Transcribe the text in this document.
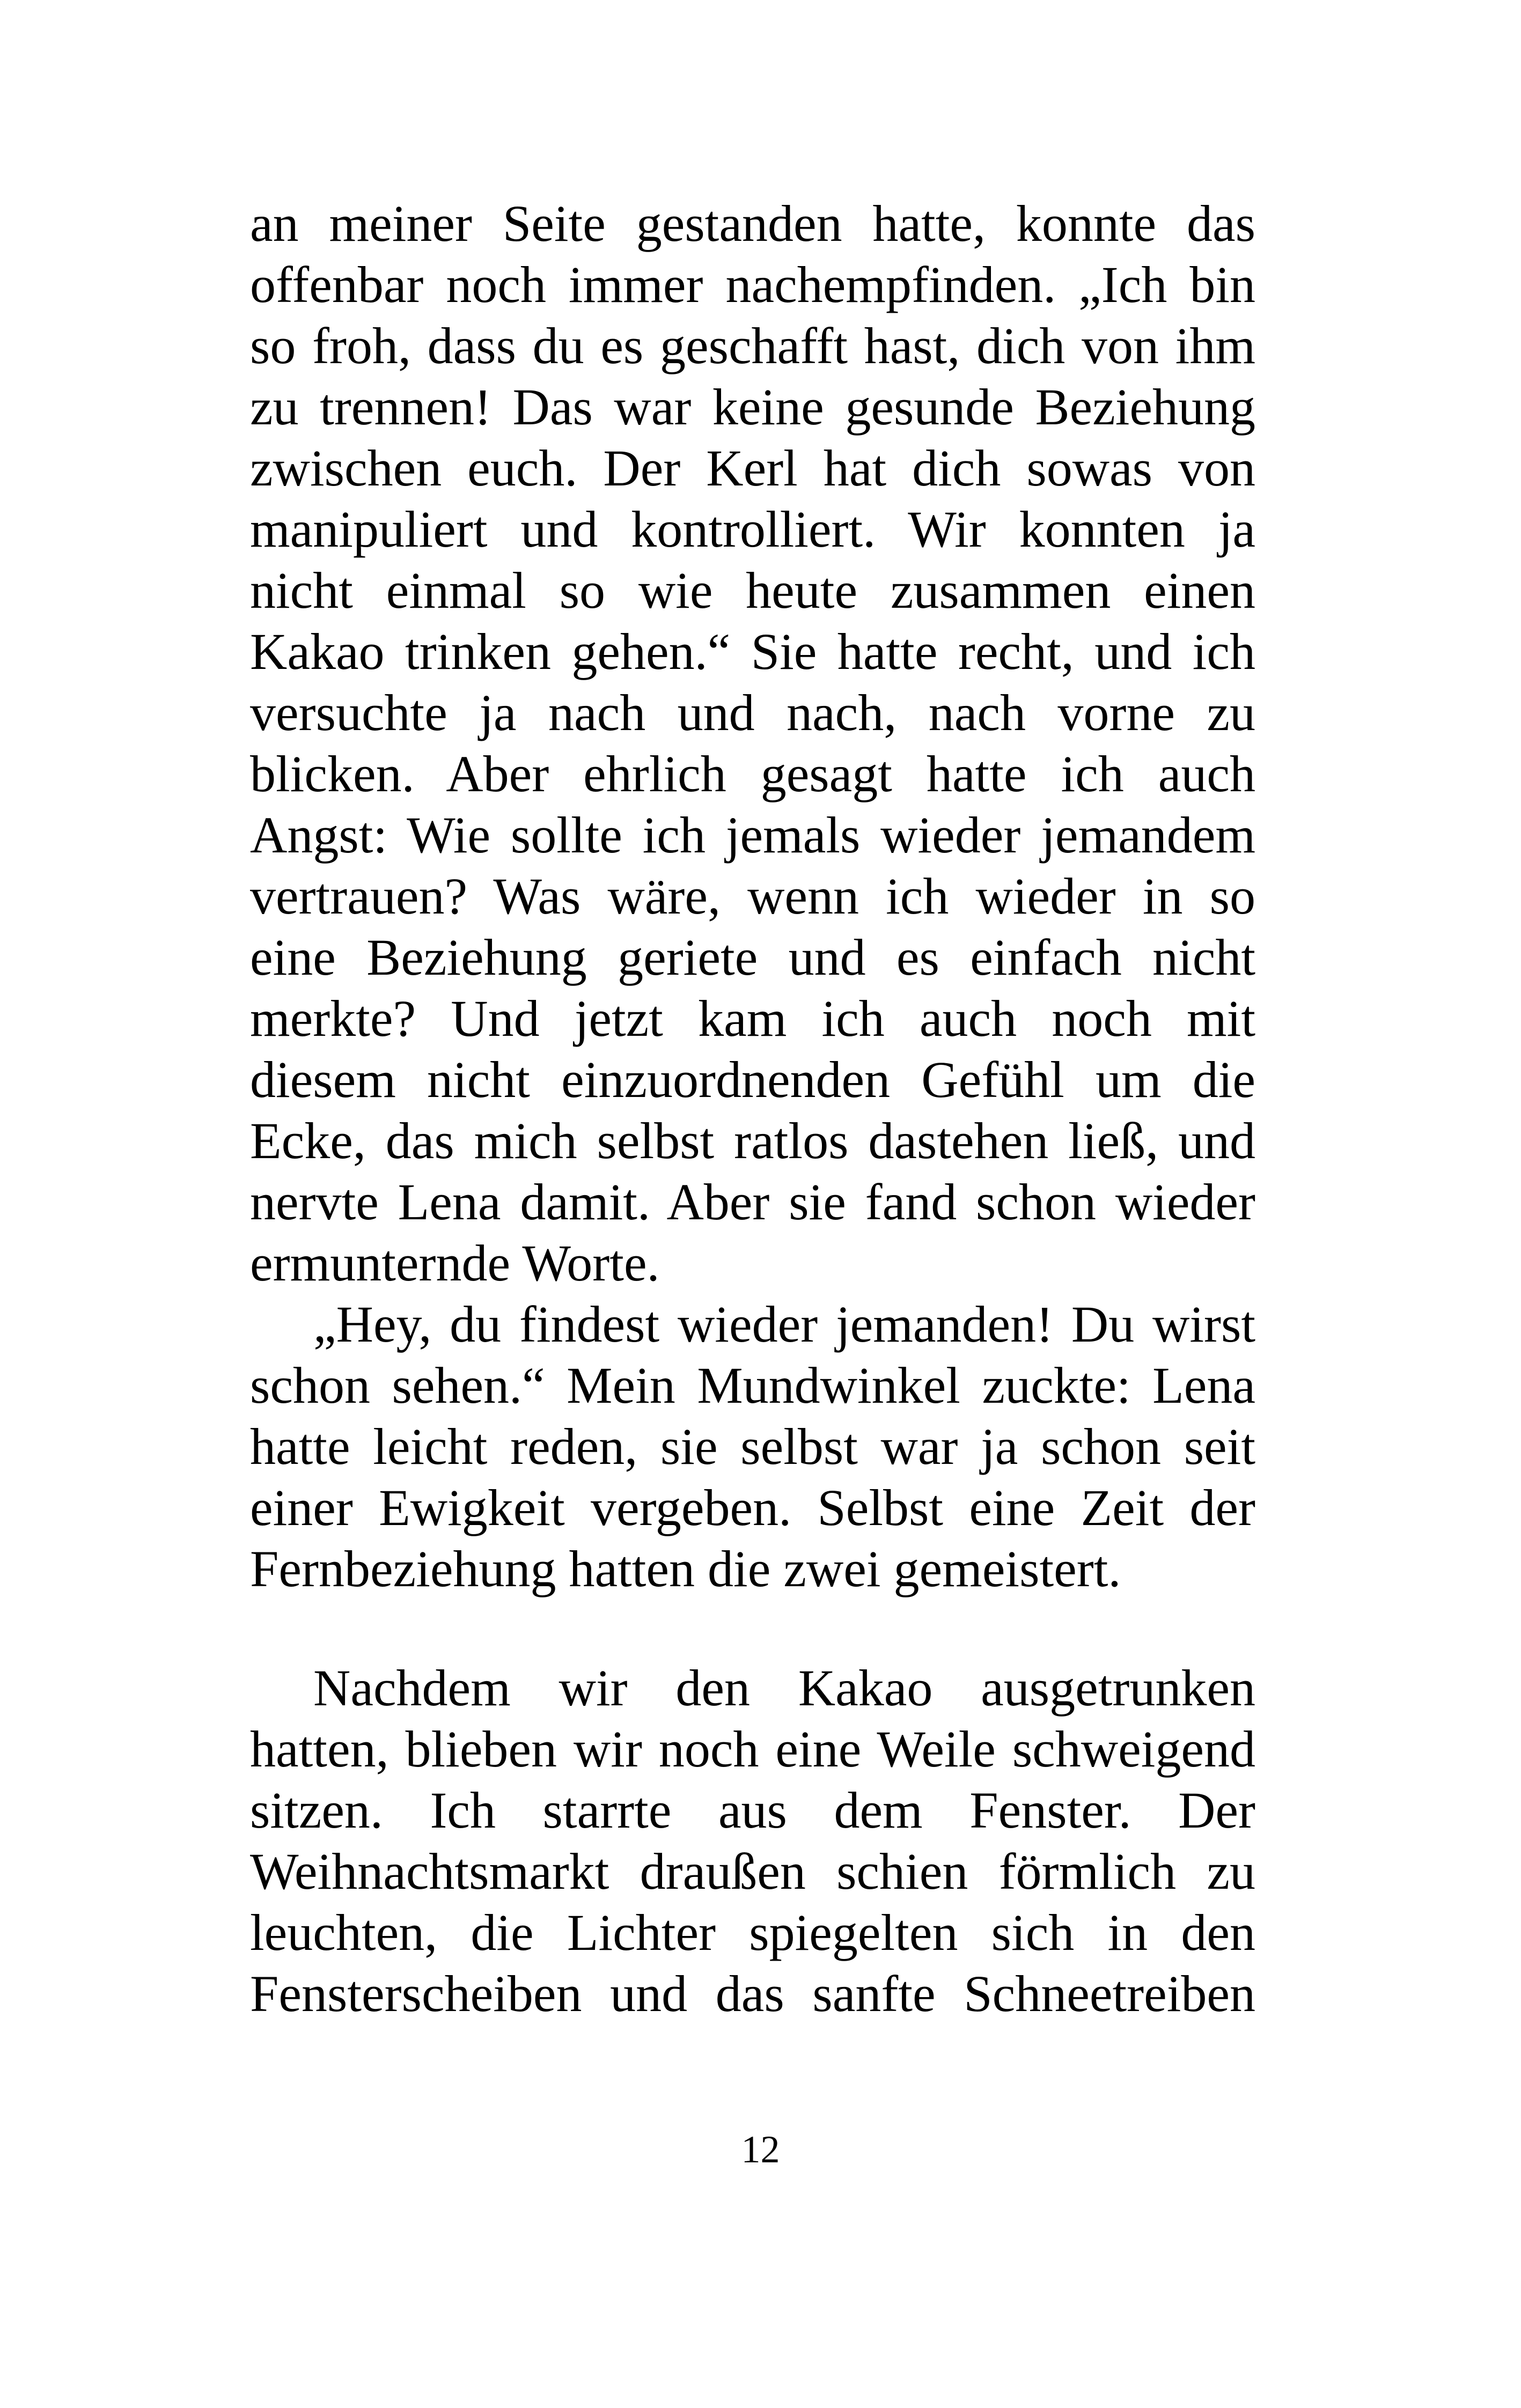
an meiner Seite gestanden hatte, konnte das
offenbar noch immer nachempfinden. „Ich bin
so froh, dass du es geschafft hast, dich von ihm
zu trennen! Das war keine gesunde Beziehung
zwischen euch. Der Kerl hat dich sowas von
manipuliert und kontrolliert. Wir konnten ja
nicht einmal so wie heute zusammen einen
Kakao trinken gehen.“ Sie hatte recht, und ich
versuchte ja nach und nach, nach vorne zu
blicken. Aber ehrlich gesagt hatte ich auch
Angst: Wie sollte ich jemals wieder jemandem
vertrauen? Was wäre, wenn ich wieder in so
eine Beziehung geriete und es einfach nicht
merkte? Und jetzt kam ich auch noch mit
diesem nicht einzuordnenden Gefühl um die
Ecke, das mich selbst ratlos dastehen ließ, und
nervte Lena damit. Aber sie fand schon wieder
ermunternde Worte.
„Hey, du findest wieder jemanden! Du wirst
schon sehen.“ Mein Mundwinkel zuckte: Lena
hatte leicht reden, sie selbst war ja schon seit
einer Ewigkeit vergeben. Selbst eine Zeit der
Fernbeziehung hatten die zwei gemeistert.
Nachdem wir den Kakao ausgetrunken
hatten, blieben wir noch eine Weile schweigend
sitzen. Ich starrte aus dem Fenster. Der
Weihnachtsmarkt draußen schien förmlich zu
leuchten, die Lichter spiegelten sich in den
Fensterscheiben und das sanfte Schneetreiben
12
